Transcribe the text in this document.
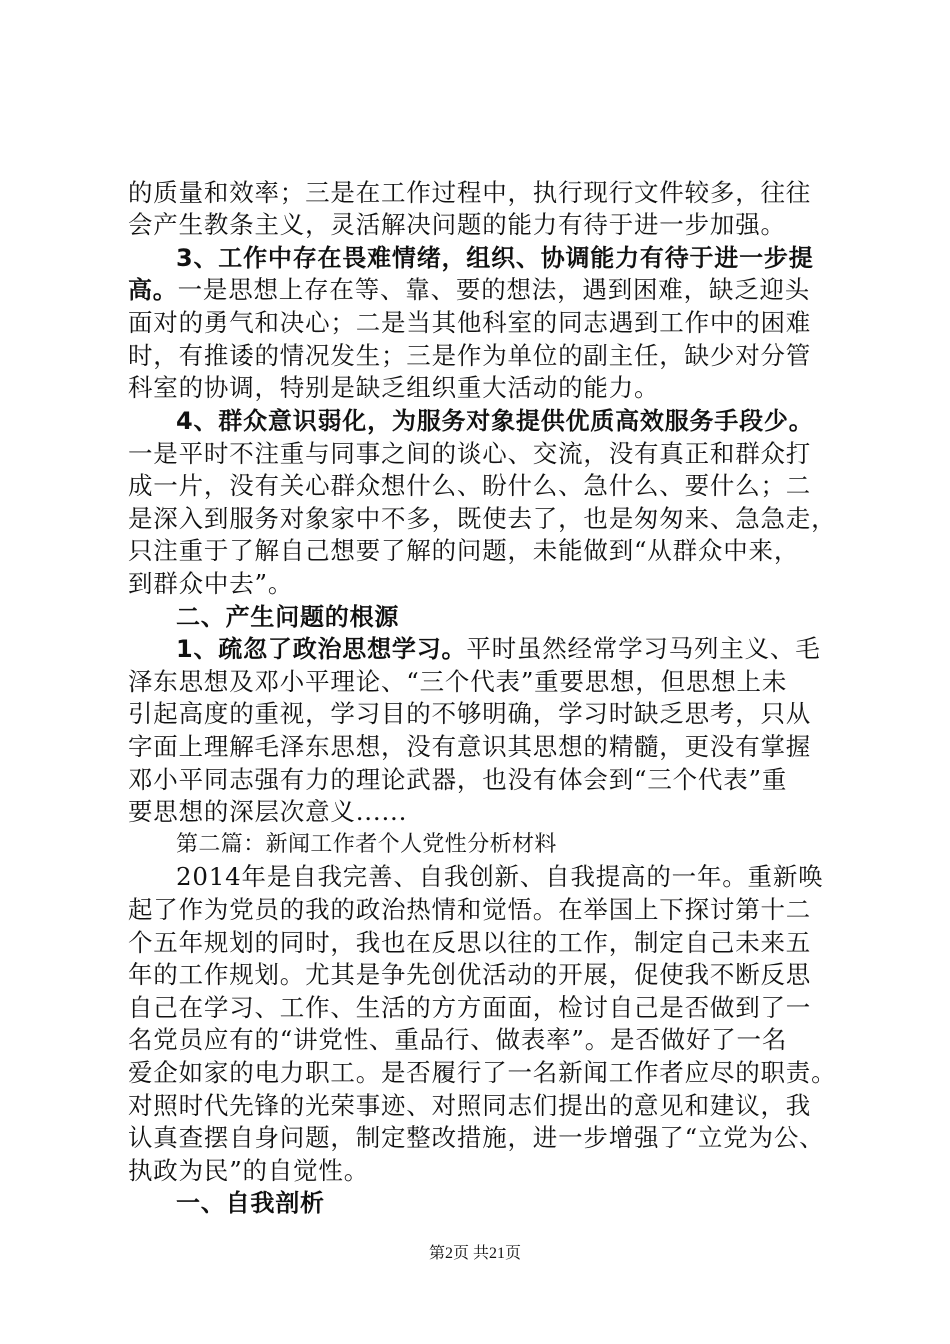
的质量和效率；三是在工作过程中，执行现行文件较多，往往
会产生教条主义，灵活解决问题的能力有待于进一步加强。
3、工作中存在畏难情绪，组织、协调能力有待于进一步提
高。一是思想上存在等、靠、要的想法，遇到困难，缺乏迎头
面对的勇气和决心；二是当其他科室的同志遇到工作中的困难
时，有推诿的情况发生；三是作为单位的副主任，缺少对分管
科室的协调，特别是缺乏组织重大活动的能力。
4、群众意识弱化，为服务对象提供优质高效服务手段少。
一是平时不注重与同事之间的谈心、交流，没有真正和群众打
成一片，没有关心群众想什么、盼什么、急什么、要什么；二
是深入到服务对象家中不多，既使去了，也是匆匆来、急急走，
只注重于了解自己想要了解的问题，未能做到“从群众中来，
到群众中去”。
二、产生问题的根源
1、疏忽了政治思想学习。平时虽然经常学习马列主义、毛
泽东思想及邓小平理论、“三个代表”重要思想，但思想上未
引起高度的重视，学习目的不够明确，学习时缺乏思考，只从
字面上理解毛泽东思想，没有意识其思想的精髓，更没有掌握
邓小平同志强有力的理论武器，也没有体会到“三个代表”重
要思想的深层次意义......
第二篇：新闻工作者个人党性分析材料
2014年是自我完善、自我创新、自我提高的一年。重新唤
起了作为党员的我的政治热情和觉悟。在举国上下探讨第十二
个五年规划的同时，我也在反思以往的工作，制定自己未来五
年的工作规划。尤其是争先创优活动的开展，促使我不断反思
自己在学习、工作、生活的方方面面，检讨自己是否做到了一
名党员应有的“讲党性、重品行、做表率”。是否做好了一名
爱企如家的电力职工。是否履行了一名新闻工作者应尽的职责。
对照时代先锋的光荣事迹、对照同志们提出的意见和建议，我
认真查摆自身问题，制定整改措施，进一步增强了“立党为公、
执政为民”的自觉性。
一、自我剖析
第2页 共21页
